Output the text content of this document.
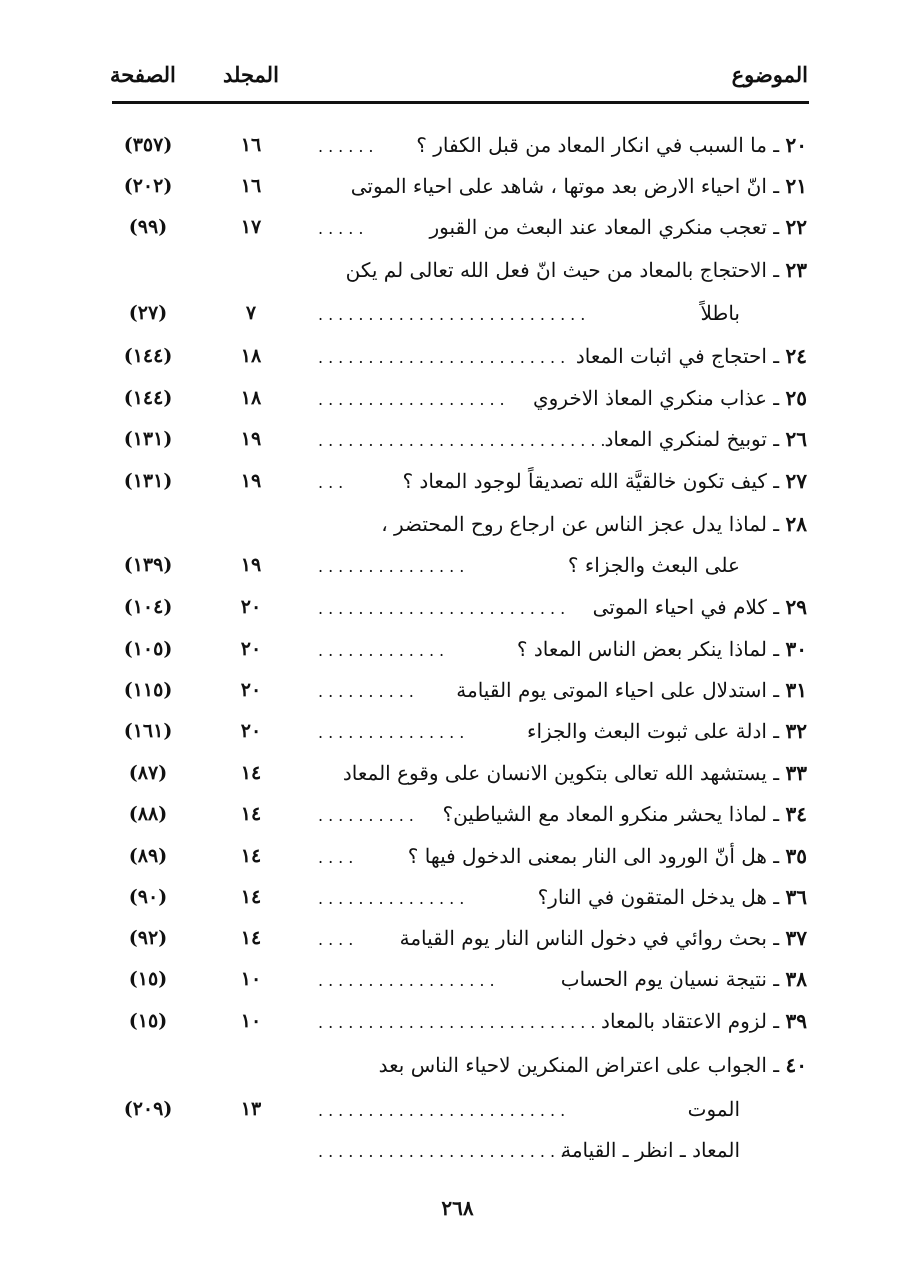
الموضوع
المجلد
الصفحة
٢٠ ـ ما السبب في انكار المعاد من قبل الكفار ؟
......
١٦
(٣٥٧)
٢١ ـ انّ احياء الارض بعد موتها ، شاهد على احياء الموتى
١٦
(٢٠٢)
٢٢ ـ تعجب منكري المعاد عند البعث من القبور
.....
١٧
(٩٩)
٢٣ ـ الاحتجاج بالمعاد من حيث انّ فعل الله تعالى لم يكن
باطلاً
...........................
٧
(٢٧)
٢٤ ـ احتجاج في اثبات المعاد
.........................
١٨
(١٤٤)
٢٥ ـ عذاب منكري المعاذ الاخروي
...................
١٨
(١٤٤)
٢٦ ـ توبيخ لمنكري المعاد
.............................
١٩
(١٣١)
٢٧ ـ كيف تكون خالقيَّة الله تصديقاً لوجود المعاد ؟
...
١٩
(١٣١)
٢٨ ـ لماذا يدل عجز الناس عن ارجاع روح المحتضر ،
على البعث والجزاء ؟
...............
١٩
(١٣٩)
٢٩ ـ كلام في احياء الموتى
.........................
٢٠
(١٠٤)
٣٠ ـ لماذا ينكر بعض الناس المعاد ؟
.............
٢٠
(١٠٥)
٣١ ـ استدلال على احياء الموتى يوم القيامة
..........
٢٠
(١١٥)
٣٢ ـ ادلة على ثبوت البعث والجزاء
...............
٢٠
(١٦١)
٣٣ ـ يستشهد الله تعالى بتكوين الانسان على وقوع المعاد
١٤
(٨٧)
٣٤ ـ لماذا يحشر منكرو المعاد مع الشياطين؟
..........
١٤
(٨٨)
٣٥ ـ هل أنّ الورود الى النار بمعنى الدخول فيها ؟
....
١٤
(٨٩)
٣٦ ـ هل يدخل المتقون في النار؟
...............
١٤
(٩٠)
٣٧ ـ بحث روائي في دخول الناس النار يوم القيامة
....
١٤
(٩٢)
٣٨ ـ نتيجة نسيان يوم الحساب
..................
١٠
(١٥)
٣٩ ـ لزوم الاعتقاد بالمعاد
............................
١٠
(١٥)
٤٠ ـ الجواب على اعتراض المنكرين لاحياء الناس بعد
الموت
.........................
١٣
(٢٠٩)
المعاد ـ انظر ـ القيامة
..........................
٢٦٨
